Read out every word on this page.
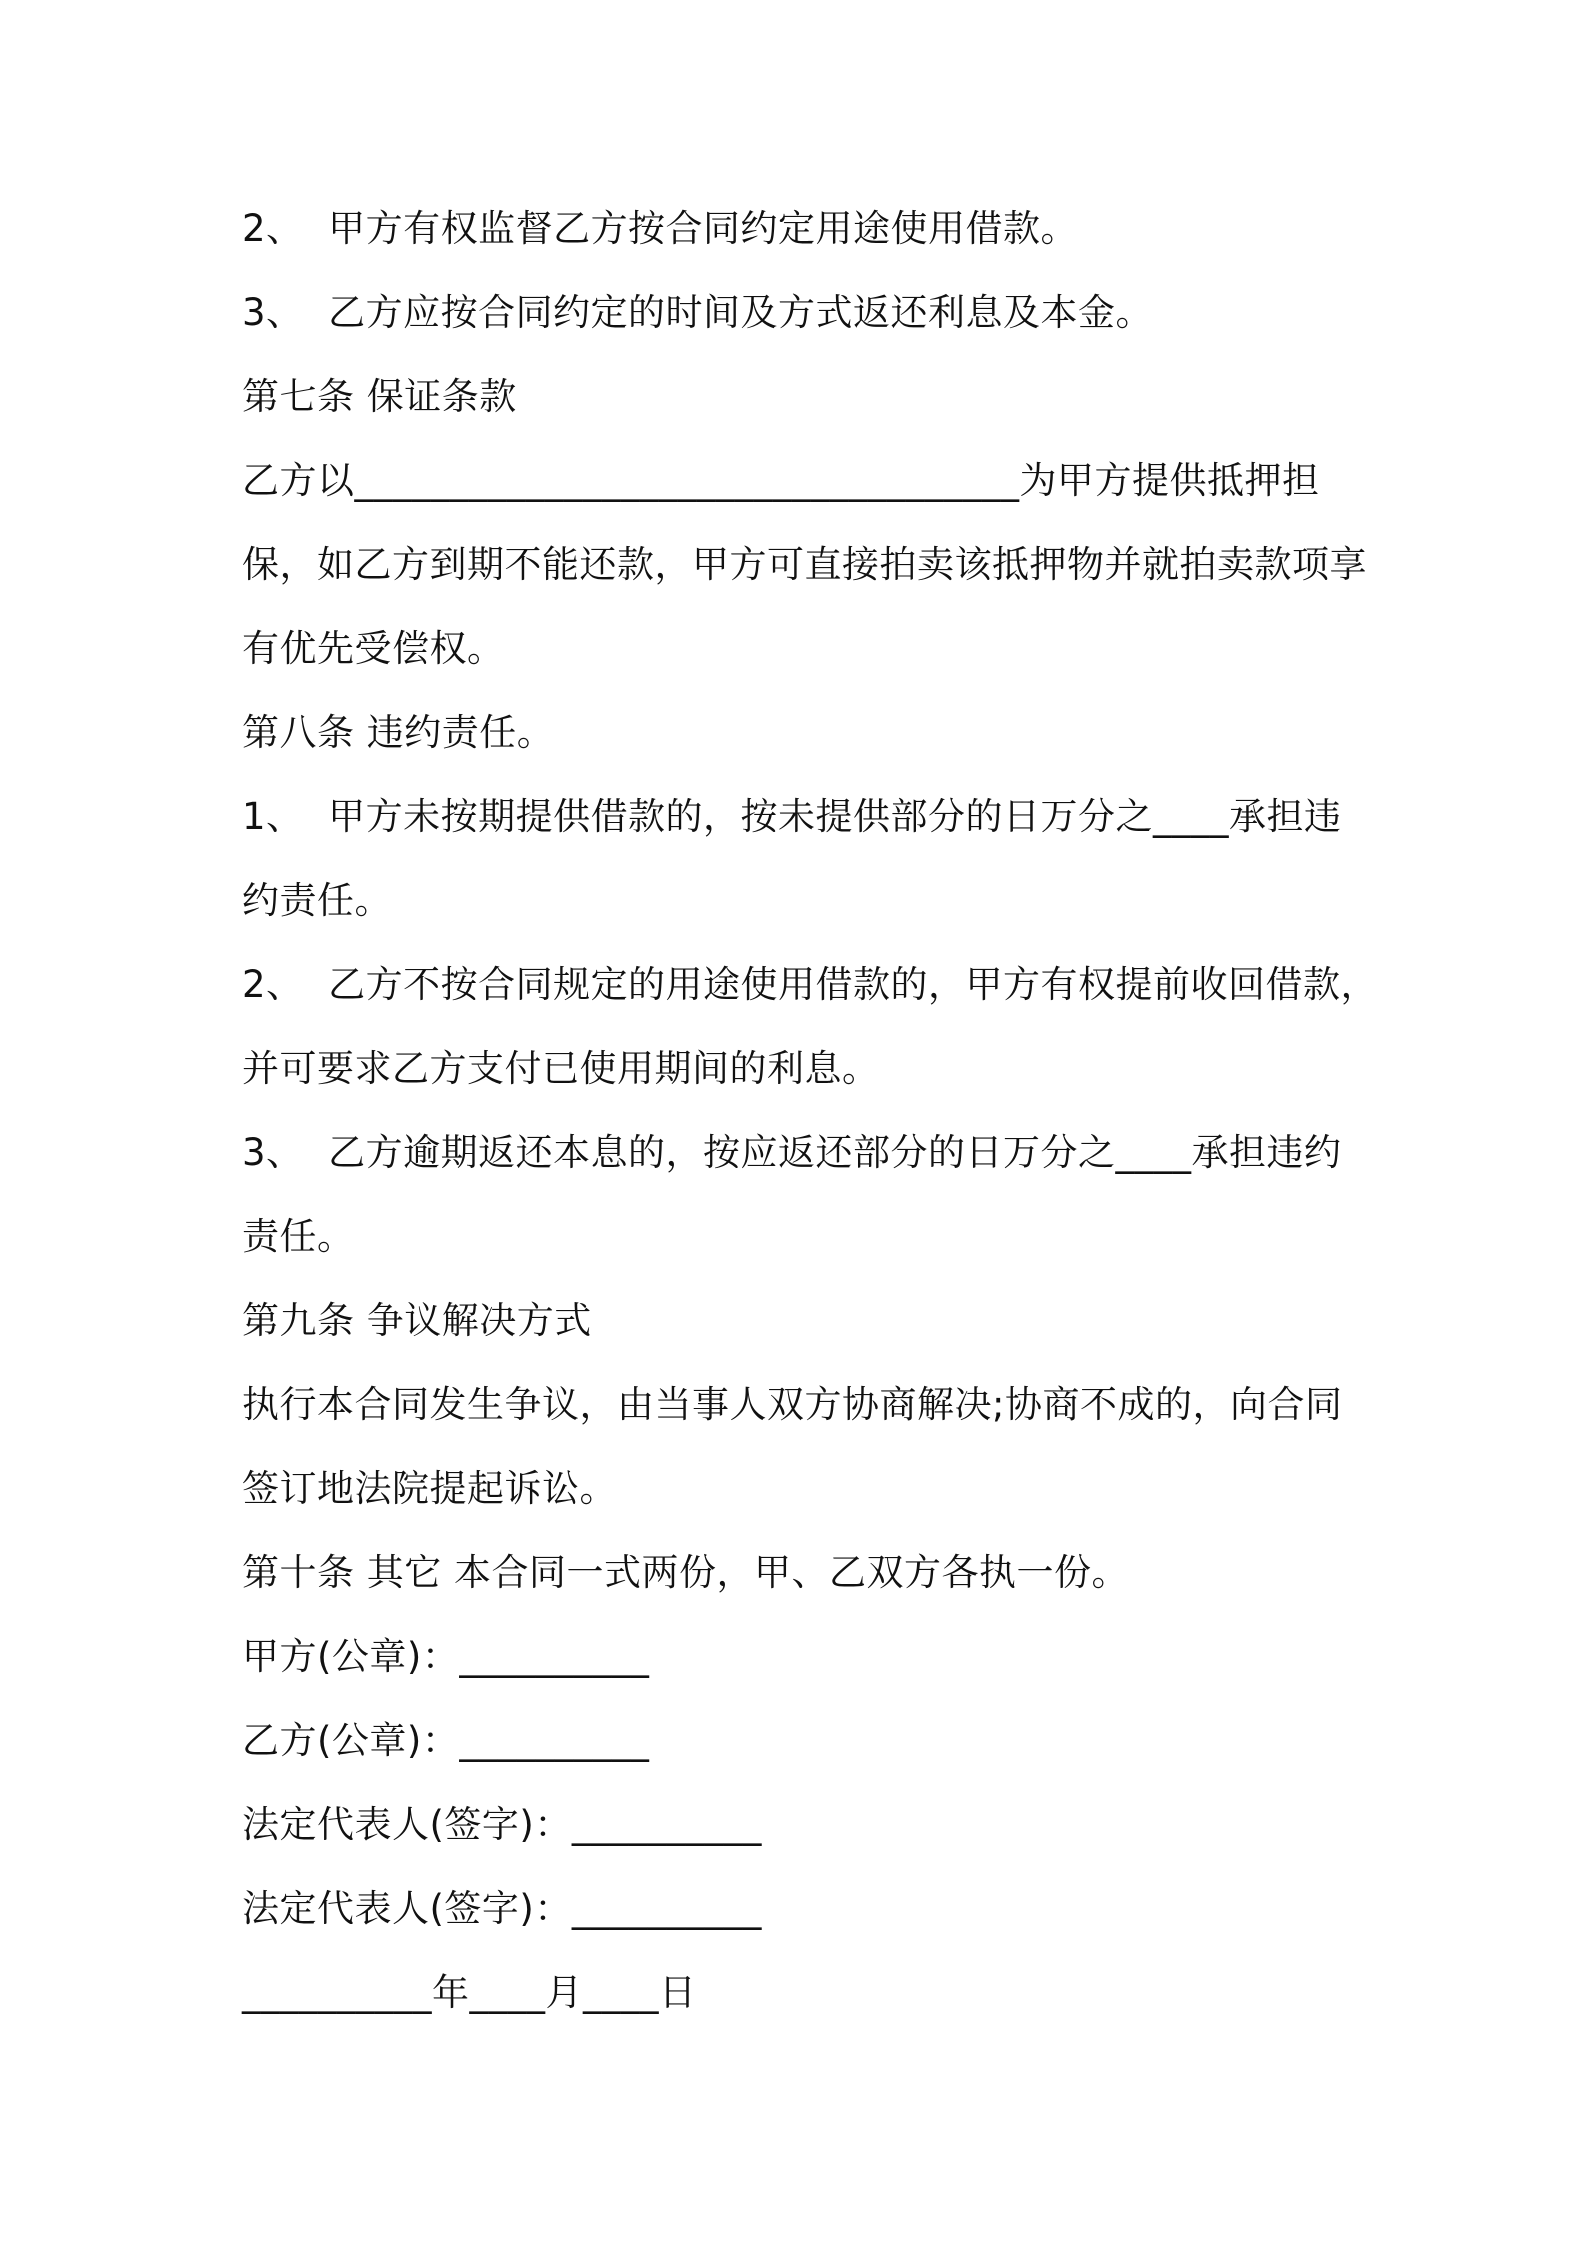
2、  甲方有权监督乙方按合同约定用途使用借款。
3、  乙方应按合同约定的时间及方式返还利息及本金。
第七条 保证条款
乙方以___________________________________为甲方提供抵押担
保，如乙方到期不能还款，甲方可直接拍卖该抵押物并就拍卖款项享
有优先受偿权。
第八条 违约责任。
1、  甲方未按期提供借款的，按未提供部分的日万分之____承担违
约责任。
2、  乙方不按合同规定的用途使用借款的，甲方有权提前收回借款，
并可要求乙方支付已使用期间的利息。
3、  乙方逾期返还本息的，按应返还部分的日万分之____承担违约
责任。
第九条 争议解决方式
执行本合同发生争议，由当事人双方协商解决;协商不成的，向合同
签订地法院提起诉讼。
第十条 其它 本合同一式两份，甲、乙双方各执一份。
甲方(公章)：__________
乙方(公章)：__________
法定代表人(签字)：__________
法定代表人(签字)：__________
__________年____月____日
